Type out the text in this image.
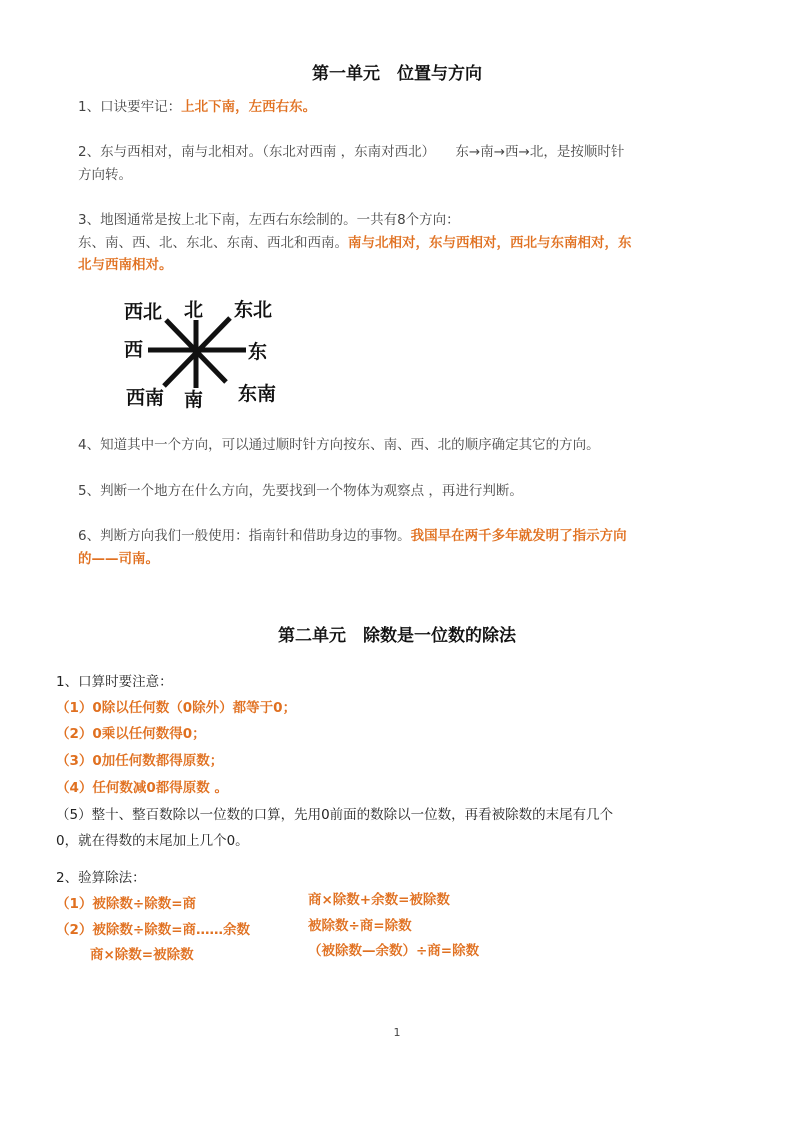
第一单元　位置与方向
1、口诀要牢记：上北下南，左西右东。
2、东与西相对，南与北相对。（东北对西南 ，东南对西北）　　东→南→西→北，是按顺时针
方向转。
3、地图通常是按上北下南，左西右东绘制的。一共有8个方向：
东、南、西、北、东北、东南、西北和西南。南与北相对，东与西相对，西北与东南相对，东
北与西南相对。
西北 北 东北
西	东
西南 南 东南
4、知道其中一个方向，可以通过顺时针方向按东、南、西、北的顺序确定其它的方向。
5、判断一个地方在什么方向，先要找到一个物体为观察点 ，再进行判断。
6、判断方向我们一般使用：指南针和借助身边的事物。我国早在两千多年就发明了指示方向
的——司南。
第二单元　除数是一位数的除法
1、口算时要注意：
（1）0除以任何数（0除外）都等于0；
（2）0乘以任何数得0；
（3）0加任何数都得原数；
（4）任何数减0都得原数 。
（5）整十、整百数除以一位数的口算，先用0前面的数除以一位数，再看被除数的末尾有几个
0，就在得数的末尾加上几个0。
2、验算除法：
（1）被除数÷除数=商
（2）被除数÷除数=商……余数
商×除数=被除数
商×除数+余数=被除数
被除数÷商=除数
（被除数—余数）÷商=除数
1
